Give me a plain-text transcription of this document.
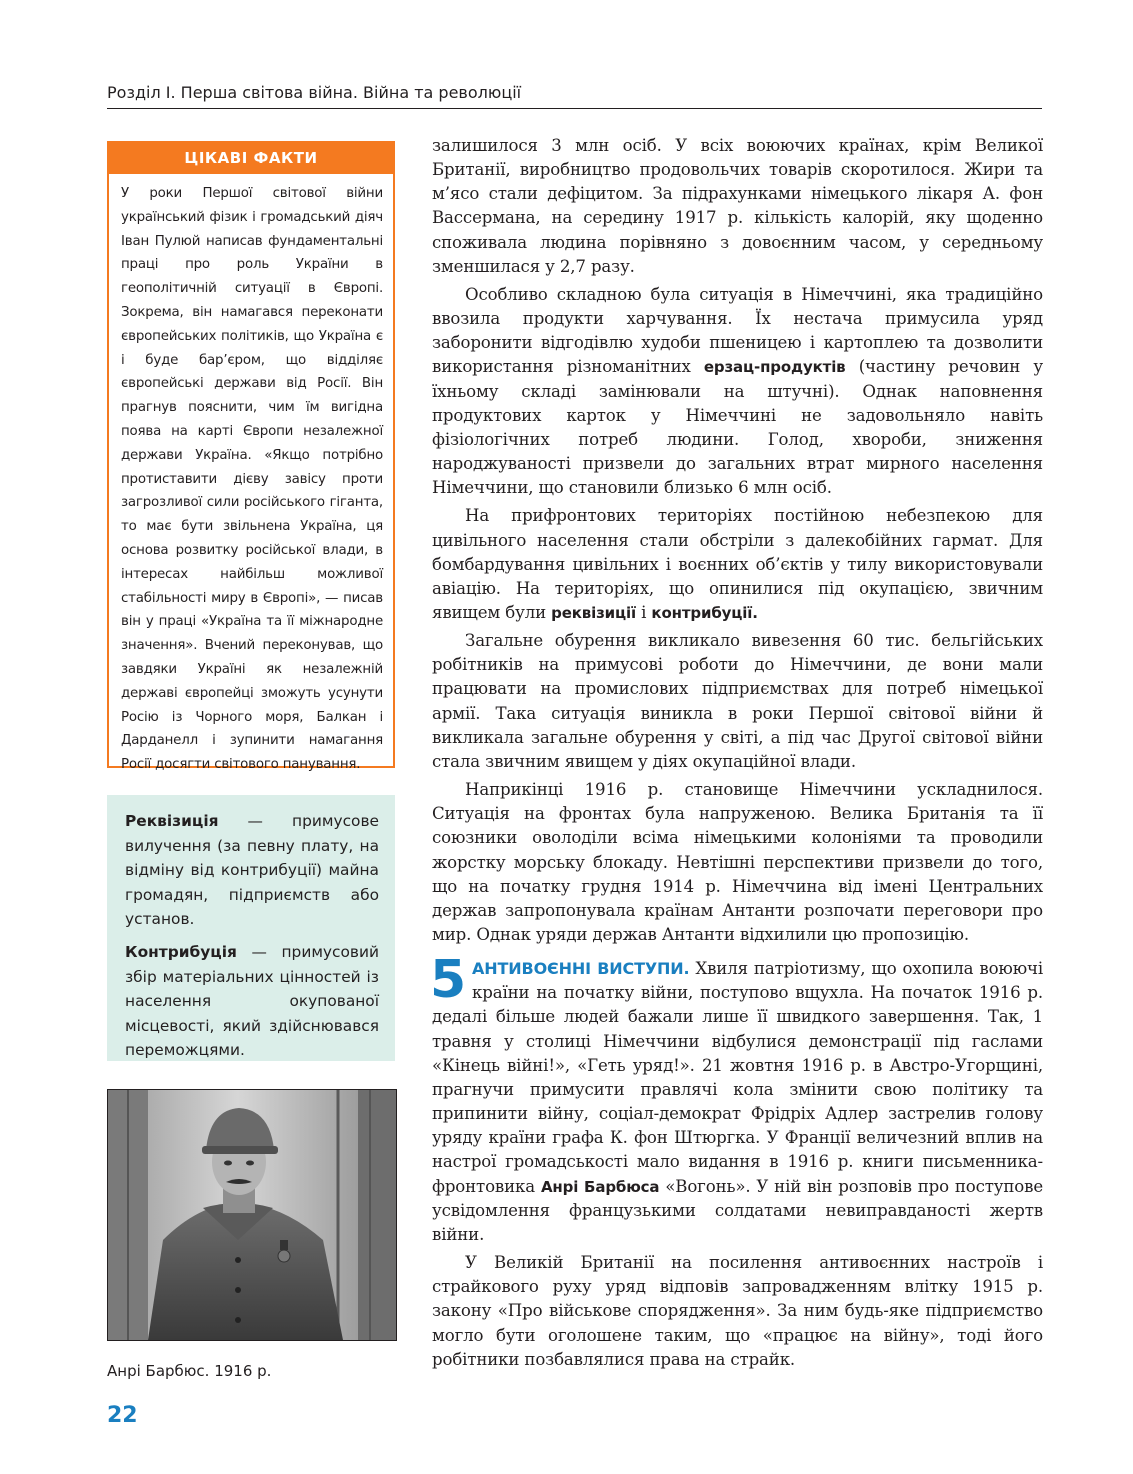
Розділ І. Перша світова війна. Війна та революції
ЦІКАВІ ФАКТИ
У роки Першої світової війни український фізик і громадський діяч Іван Пулюй написав фундаментальні праці про роль України в геополітичній ситуації в Європі. Зокрема, він намагався переконати європейських політиків, що Україна є і буде бар’єром, що відділяє європейські держави від Росії. Він прагнув пояснити, чим їм вигідна поява на карті Європи незалежної держави Україна. «Якщо потрібно протиставити дієву завісу проти загрозливої сили російського гіганта, то має бути звільнена Україна, ця основа розвитку російської влади, в інтересах найбільш можливої стабільності миру в Європі», — писав він у праці «Україна та її міжнародне значення». Вчений переконував, що завдяки Україні як незалежній державі європейці зможуть усунути Росію із Чорного моря, Балкан і Дарданелл і зупинити намагання Росії досягти світового панування.

Реквізиція — примусове вилучення (за певну плату, на відміну від контрибуції) майна громадян, підприємств або установ.

Контрибуція — примусовий збір матеріальних цінностей із населення окупованої місцевості, який здійснювався переможцями.

Анрі Барбюс. 1916 р.
22

залишилося 3 млн осіб. У всіх воюючих країнах, крім Великої Британії, виробництво продовольчих товарів скоротилося. Жири та м’ясо стали дефіцитом. За підрахунками німецького лікаря А. фон Вассермана, на середину 1917 р. кількість калорій, яку щоденно споживала людина порівняно з довоєнним часом, у середньому зменшилася у 2,7 разу.

Особливо складною була ситуація в Німеччині, яка традиційно ввозила продукти харчування. Їх нестача примусила уряд заборонити відгодівлю худоби пшеницею і картоплею та дозволити використання різноманітних ерзац-продуктів (частину речовин у їхньому складі замінювали на штучні). Однак наповнення продуктових карток у Німеччині не задовольняло навіть фізіологічних потреб людини. Голод, хвороби, зниження народжуваності призвели до загальних втрат мирного населення Німеччини, що становили близько 6 млн осіб.

На прифронтових територіях постійною небезпекою для цивільного населення стали обстріли з далекобійних гармат. Для бомбардування цивільних і воєнних об’єктів у тилу використовували авіацію. На територіях, що опинилися під окупацією, звичним явищем були реквізиції і контрибуції.

Загальне обурення викликало вивезення 60 тис. бельгійських робітників на примусові роботи до Німеччини, де вони мали працювати на промислових підприємствах для потреб німецької армії. Така ситуація виникла в роки Першої світової війни й викликала загальне обурення у світі, а під час Другої світової війни стала звичним явищем у діях окупаційної влади.

Наприкінці 1916 р. становище Німеччини ускладнилося. Ситуація на фронтах була напруженою. Велика Британія та її союзники оволоділи всіма німецькими колоніями та проводили жорстку морську блокаду. Невтішні перспективи призвели до того, що на початку грудня 1914 р. Німеччина від імені Центральних держав запропонувала країнам Антанти розпочати переговори про мир. Однак уряди держав Антанти відхилили цю пропозицію.

5 АНТИВОЄННІ ВИСТУПИ. Хвиля патріотизму, що охопила воюючі країни на початку війни, поступово вщухла. На початок 1916 р. дедалі більше людей бажали лише її швидкого завершення. Так, 1 травня у столиці Німеччини відбулися демонстрації під гаслами «Кінець війні!», «Геть уряд!». 21 жовтня 1916 р. в Австро-Угорщині, прагнучи примусити правлячі кола змінити свою політику та припинити війну, соціал-демократ Фрідріх Адлер застрелив голову уряду країни графа К. фон Штюргка. У Франції величезний вплив на настрої громадськості мало видання в 1916 р. книги письменника-фронтовика Анрі Барбюса «Вогонь». У ній він розповів про поступове усвідомлення французькими солдатами невиправданості жертв війни.

У Великій Британії на посилення антивоєнних настроїв і страйкового руху уряд відповів запровадженням влітку 1915 р. закону «Про військове спорядження». За ним будь-яке підприємство могло бути оголошене таким, що «працює на війну», тоді його робітники позбавлялися права на страйк.
